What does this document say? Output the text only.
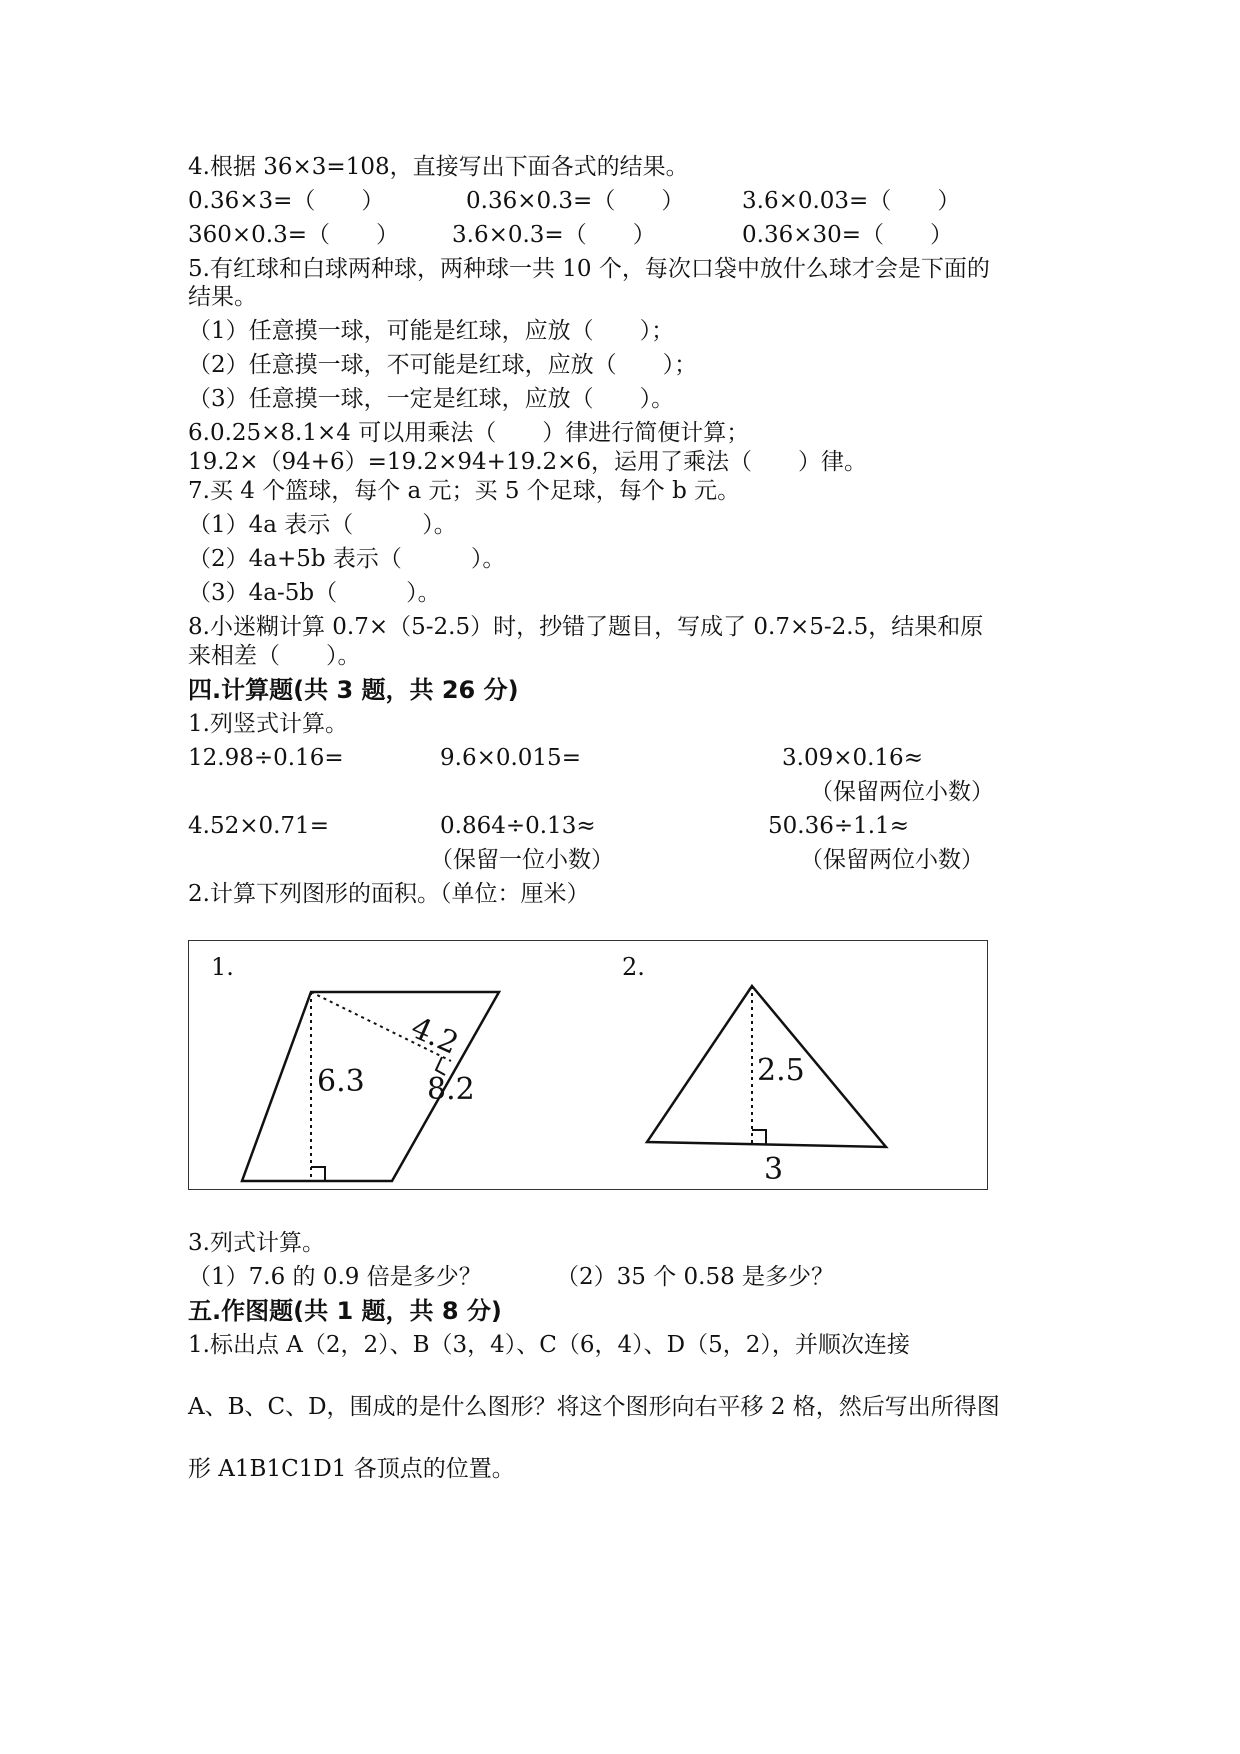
4.根据 36×3=108，直接写出下面各式的结果。
0.36×3=（　　）	0.36×0.3=（　　）	3.6×0.03=（　　）
360×0.3=（　　） 3.6×0.3=（　　）	0.36×30=（　　）
5.有红球和白球两种球，两种球一共 10 个，每次口袋中放什么球才会是下面的
结果。
（1）任意摸一球，可能是红球，应放（　　）；
（2）任意摸一球，不可能是红球，应放（　　）；
（3）任意摸一球，一定是红球，应放（　　）。
6.0.25×8.1×4 可以用乘法（　　）律进行简便计算；
19.2×（94+6）=19.2×94+19.2×6，运用了乘法（　　）律。
7.买 4 个篮球，每个 a 元；买 5 个足球，每个 b 元。
（1）4a 表示（　　　）。
（2）4a+5b 表示（　　　）。
（3）4a-5b（　　　）。
8.小迷糊计算 0.7×（5-2.5）时，抄错了题目，写成了 0.7×5-2.5，结果和原
来相差（　　）。
四.计算题(共 3 题，共 26 分)
1.列竖式计算。
12.98÷0.16=	9.6×0.015=	3.09×0.16≈
（保留两位小数）
4.52×0.71=	0.864÷0.13≈	50.36÷1.1≈
（保留一位小数）	（保留两位小数）
2.计算下列图形的面积。（单位：厘米）
1.
4.2
6.3 8.2
2.
2.5
3
3.列式计算。
（1）7.6 的 0.9 倍是多少？	（2）35 个 0.58 是多少？
五.作图题(共 1 题，共 8 分)
1.标出点 A（2，2）、B（3，4）、C（6，4）、D（5，2），并顺次连接
A、B、C、D，围成的是什么图形？将这个图形向右平移 2 格，然后写出所得图
形 A1B1C1D1 各顶点的位置。
